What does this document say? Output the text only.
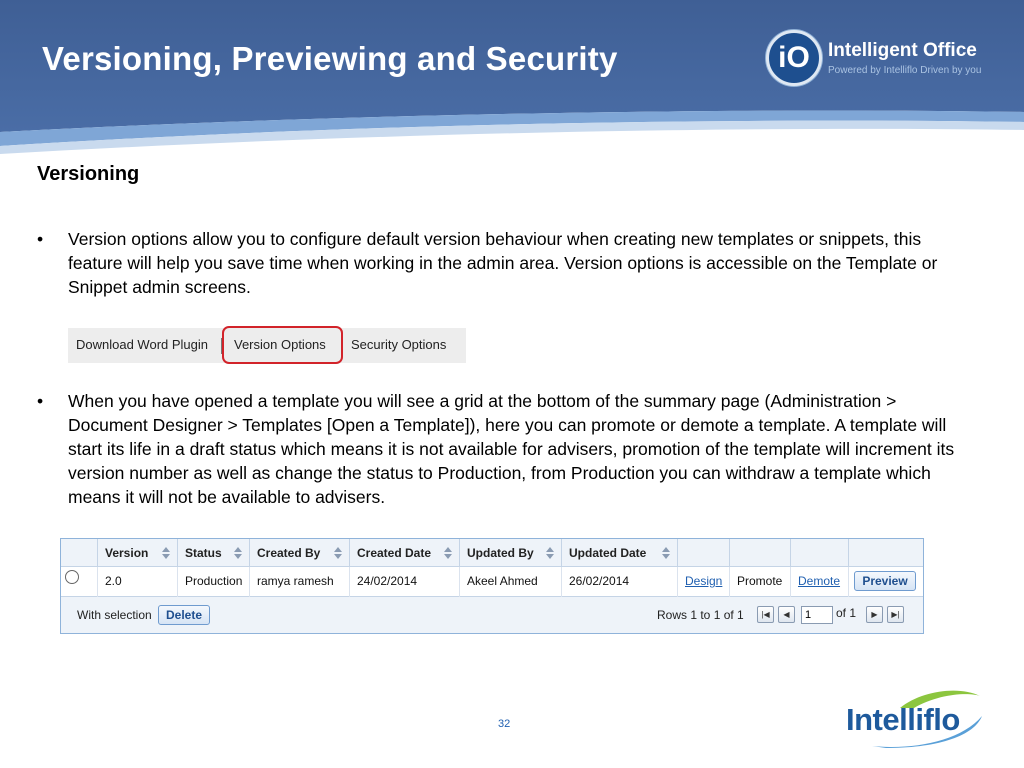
Versioning, Previewing and Security	iO Intelligent Office
Powered by Intelliflo Driven by you
Versioning
• Version options allow you to configure default version behaviour when creating new templates or snippets, this feature will help you save time when working in the admin area. Version options is accessible on the Template or Snippet admin screens.
Download Word Plugin Version Options Security Options
• When you have opened a template you will see a grid at the bottom of the summary page (Administration > Document Designer > Templates [Open a Template]), here you can promote or demote a template. A template will start its life in a draft status which means it is not available for advisers, promotion of the template will increment its version number as well as change the status to Production, from Production you can withdraw a template which means it will not be available to advisers.
Version	Status	Created By	Created Date	Updated By	Updated Date
2.0	Production	ramya ramesh	24/02/2014	Akeel Ahmed	26/02/2014	Design	Promote	Demote	Preview
With selection	Delete	Rows 1 to 1 of 1	|◀	◀	1	of 1	▶	▶|
32	Intelliflo
